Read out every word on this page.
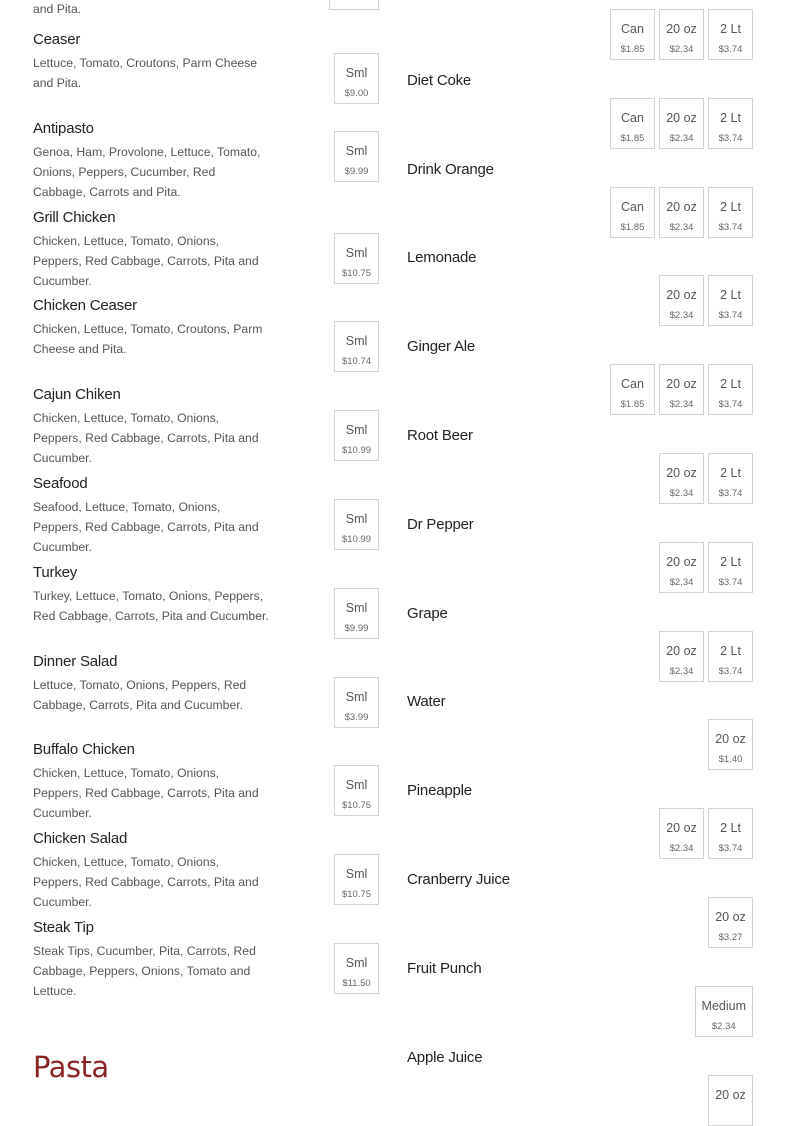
and Pita.
Ceaser
Lettuce, Tomato, Croutons, Parm Cheese and Pita.
Sml
$9.00
Antipasto
Genoa, Ham, Provolone, Lettuce, Tomato, Onions, Peppers, Cucumber, Red Cabbage, Carrots and Pita.
Sml
$9.99
Grill Chicken
Chicken, Lettuce, Tomato, Onions, Peppers, Red Cabbage, Carrots, Pita and Cucumber.
Sml
$10.75
Chicken Ceaser
Chicken, Lettuce, Tomato, Croutons, Parm Cheese and Pita.
Sml
$10.74
Cajun Chiken
Chicken, Lettuce, Tomato, Onions, Peppers, Red Cabbage, Carrots, Pita and Cucumber.
Sml
$10.99
Seafood
Seafood, Lettuce, Tomato, Onions, Peppers, Red Cabbage, Carrots, Pita and Cucumber.
Sml
$10.99
Turkey
Turkey, Lettuce, Tomato, Onions, Peppers, Red Cabbage, Carrots, Pita and Cucumber.
Sml
$9.99
Dinner Salad
Lettuce, Tomato, Onions, Peppers, Red Cabbage, Carrots, Pita and Cucumber.
Sml
$3.99
Buffalo Chicken
Chicken, Lettuce, Tomato, Onions, Peppers, Red Cabbage, Carrots, Pita and Cucumber.
Sml
$10.75
Chicken Salad
Chicken, Lettuce, Tomato, Onions, Peppers, Red Cabbage, Carrots, Pita and Cucumber.
Sml
$10.75
Steak Tip
Steak Tips, Cucumber, Pita, Carrots, Red Cabbage, Peppers, Onions, Tomato and Lettuce.
Sml
$11.50
Pasta
Can
$1.85
20 oz
$2.34
2 Lt
$3.74
Diet Coke
Can
$1.85
20 oz
$2.34
2 Lt
$3.74
Drink Orange
Can
$1.85
20 oz
$2.34
2 Lt
$3.74
Lemonade
20 oz
$2.34
2 Lt
$3.74
Ginger Ale
Can
$1.85
20 oz
$2.34
2 Lt
$3.74
Root Beer
20 oz
$2.34
2 Lt
$3.74
Dr Pepper
20 oz
$2.34
2 Lt
$3.74
Grape
20 oz
$2.34
2 Lt
$3.74
Water
20 oz
$1.40
Pineapple
20 oz
$2.34
2 Lt
$3.74
Cranberry Juice
20 oz
$3.27
Fruit Punch
Medium
$2.34
Apple Juice
20 oz
